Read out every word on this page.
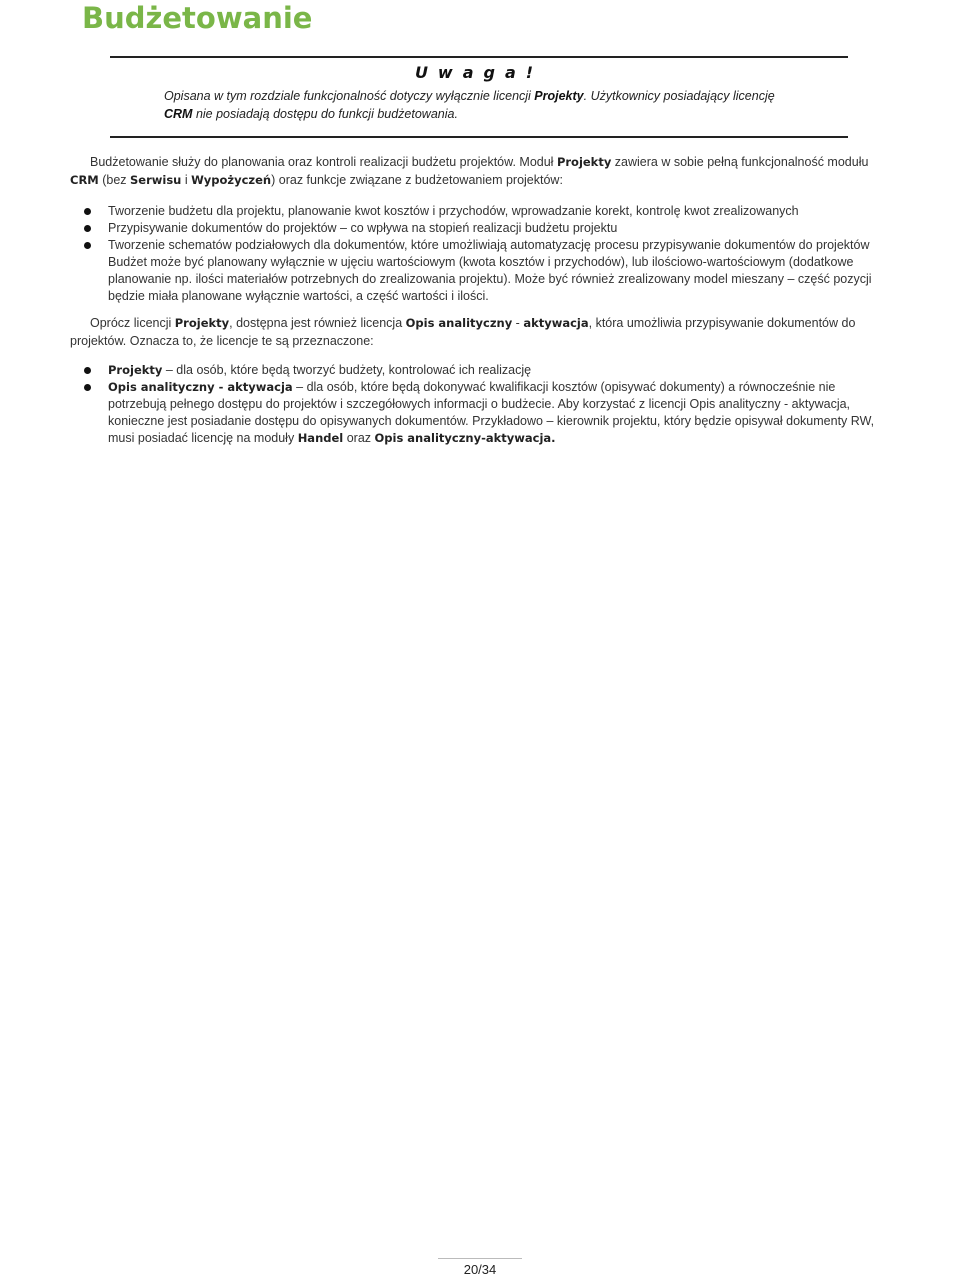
Budżetowanie
Uwaga!
Opisana w tym rozdziale funkcjonalność dotyczy wyłącznie licencji Projekty. Użytkownicy posiadający licencję CRM nie posiadają dostępu do funkcji budżetowania.

Budżetowanie służy do planowania oraz kontroli realizacji budżetu projektów. Moduł Projekty zawiera w sobie pełną funkcjonalność modułu CRM (bez Serwisu i Wypożyczeń) oraz funkcje związane z budżetowaniem projektów:

Tworzenie budżetu dla projektu, planowanie kwot kosztów i przychodów, wprowadzanie korekt, kontrolę kwot zrealizowanych
Przypisywanie dokumentów do projektów – co wpływa na stopień realizacji budżetu projektu
Tworzenie schematów podziałowych dla dokumentów, które umożliwiają automatyzację procesu przypisywanie dokumentów do projektów Budżet może być planowany wyłącznie w ujęciu wartościowym (kwota kosztów i przychodów), lub ilościowo-wartościowym (dodatkowe planowanie np. ilości materiałów potrzebnych do zrealizowania projektu). Może być również zrealizowany model mieszany – część pozycji będzie miała planowane wyłącznie wartości, a część wartości i ilości.

Oprócz licencji Projekty, dostępna jest również licencja Opis analityczny - aktywacja, która umożliwia przypisywanie dokumentów do projektów. Oznacza to, że licencje te są przeznaczone:

Projekty – dla osób, które będą tworzyć budżety, kontrolować ich realizację
Opis analityczny - aktywacja – dla osób, które będą dokonywać kwalifikacji kosztów (opisywać dokumenty) a równocześnie nie potrzebują pełnego dostępu do projektów i szczegółowych informacji o budżecie. Aby korzystać z licencji Opis analityczny - aktywacja, konieczne jest posiadanie dostępu do opisywanych dokumentów. Przykładowo – kierownik projektu, który będzie opisywał dokumenty RW, musi posiadać licencję na moduły Handel oraz Opis analityczny-aktywacja.
20/34
